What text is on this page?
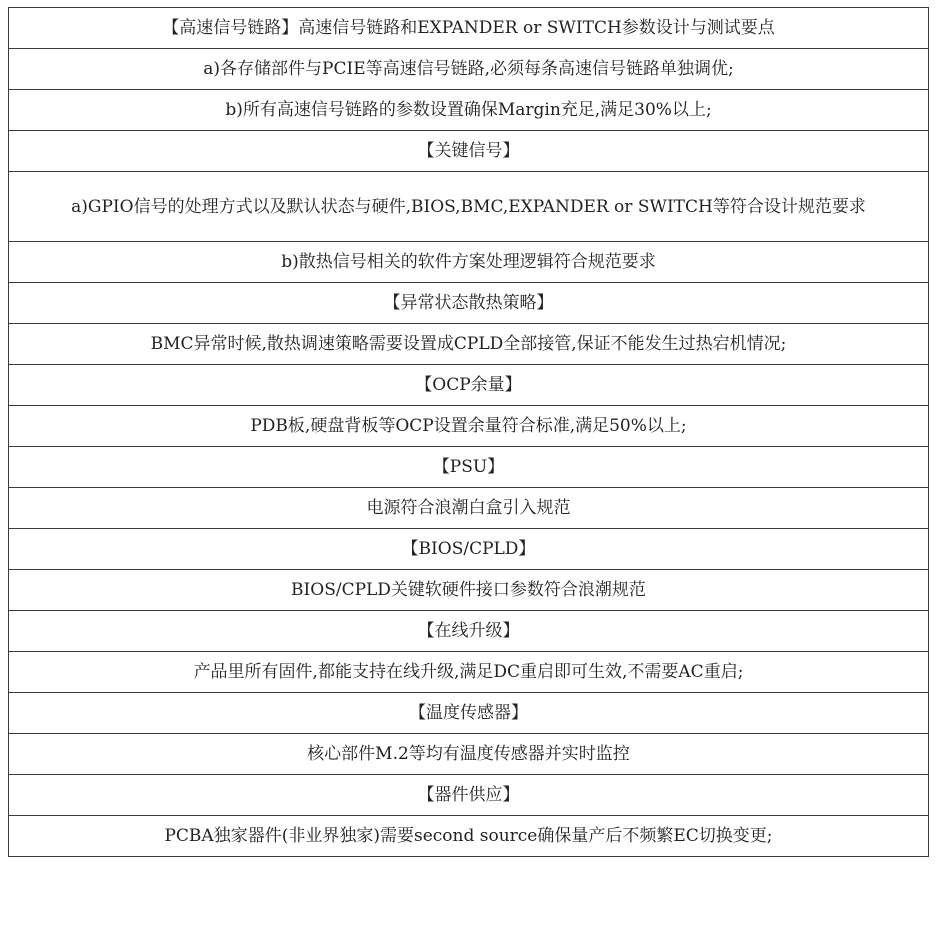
【高速信号链路】高速信号链路和EXPANDER or SWITCH参数设计与测试要点
a)各存储部件与PCIE等高速信号链路,必须每条高速信号链路单独调优;
b)所有高速信号链路的参数设置确保Margin充足,满足30%以上;
【关键信号】
a)GPIO信号的处理方式以及默认状态与硬件,BIOS,BMC,EXPANDER or SWITCH等符合设计规范要求
b)散热信号相关的软件方案处理逻辑符合规范要求
【异常状态散热策略】
BMC异常时候,散热调速策略需要设置成CPLD全部接管,保证不能发生过热宕机情况;
【OCP余量】
PDB板,硬盘背板等OCP设置余量符合标准,满足50%以上;
【PSU】
电源符合浪潮白盒引入规范
【BIOS/CPLD】
BIOS/CPLD关键软硬件接口参数符合浪潮规范
【在线升级】
产品里所有固件,都能支持在线升级,满足DC重启即可生效,不需要AC重启;
【温度传感器】
核心部件M.2等均有温度传感器并实时监控
【器件供应】
PCBA独家器件(非业界独家)需要second source确保量产后不频繁EC切换变更;
